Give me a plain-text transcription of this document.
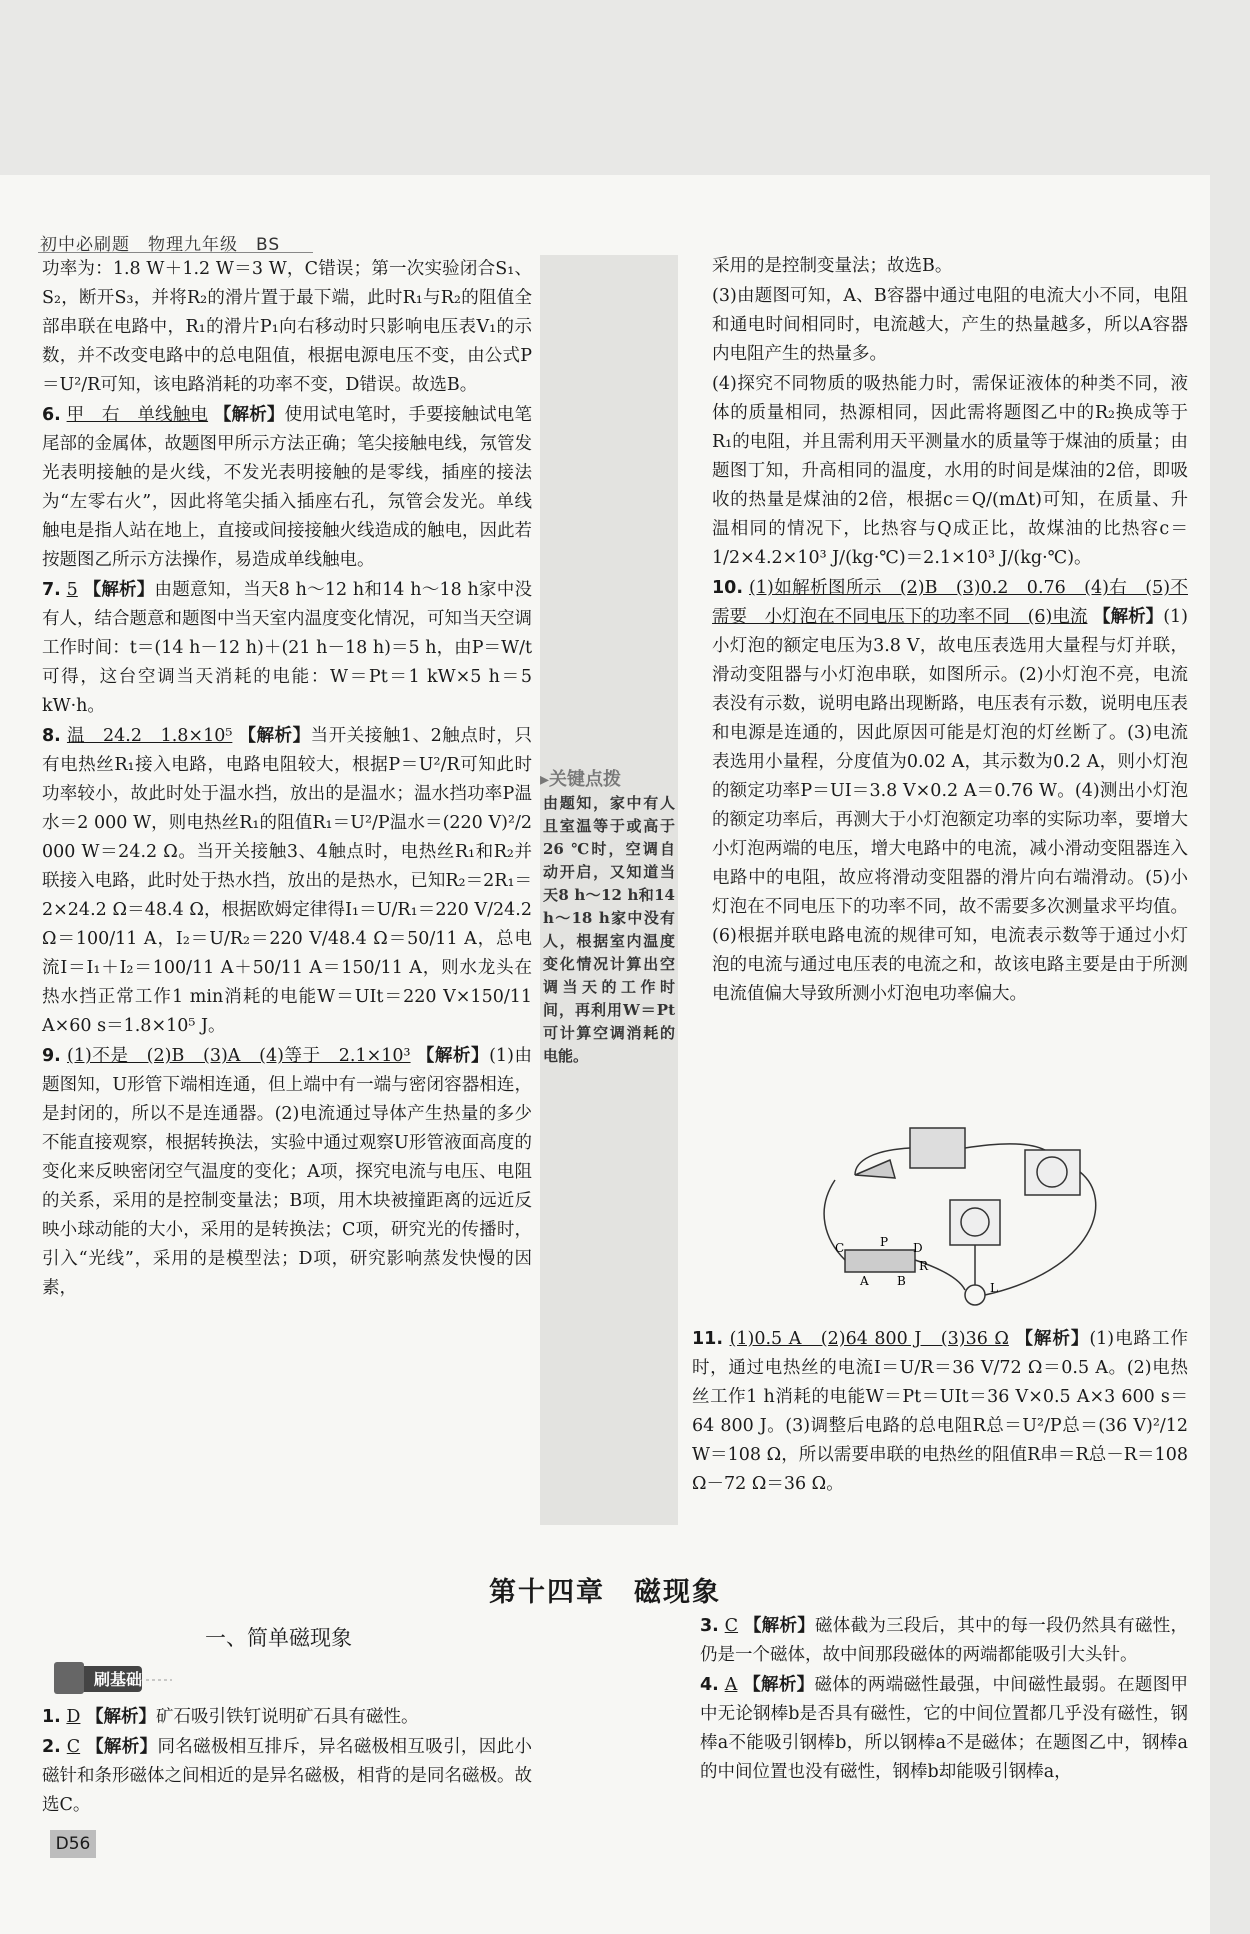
初中必刷题　物理九年级　BS

功率为：1.8 W＋1.2 W＝3 W，C错误；第一次实验闭合S₁、S₂，断开S₃，并将R₂的滑片置于最下端，此时R₁与R₂的阻值全部串联在电路中，R₁的滑片P₁向右移动时只影响电压表V₁的示数，并不改变电路中的总电阻值，根据电源电压不变，由公式P＝U²/R可知，该电路消耗的功率不变，D错误。故选B。

6. 甲　右　单线触电 【解析】使用试电笔时，手要接触试电笔尾部的金属体，故题图甲所示方法正确；笔尖接触电线，氖管发光表明接触的是火线，不发光表明接触的是零线，插座的接法为“左零右火”，因此将笔尖插入插座右孔，氖管会发光。单线触电是指人站在地上，直接或间接接触火线造成的触电，因此若按题图乙所示方法操作，易造成单线触电。

7. 5 【解析】由题意知，当天8 h～12 h和14 h～18 h家中没有人，结合题意和题图中当天室内温度变化情况，可知当天空调工作时间：t＝(14 h－12 h)＋(21 h－18 h)＝5 h，由P＝W/t可得，这台空调当天消耗的电能：W＝Pt＝1 kW×5 h＝5 kW·h。

8. 温　24.2　1.8×10⁵ 【解析】当开关接触1、2触点时，只有电热丝R₁接入电路，电路电阻较大，根据P＝U²/R可知此时功率较小，故此时处于温水挡，放出的是温水；温水挡功率P温水＝2 000 W，则电热丝R₁的阻值R₁＝U²/P温水＝(220 V)²/2 000 W＝24.2 Ω。当开关接触3、4触点时，电热丝R₁和R₂并联接入电路，此时处于热水挡，放出的是热水，已知R₂＝2R₁＝2×24.2 Ω＝48.4 Ω，根据欧姆定律得I₁＝U/R₁＝220 V/24.2 Ω＝100/11 A，I₂＝U/R₂＝220 V/48.4 Ω＝50/11 A，总电流I＝I₁＋I₂＝100/11 A＋50/11 A＝150/11 A，则水龙头在热水挡正常工作1 min消耗的电能W＝UIt＝220 V×150/11 A×60 s＝1.8×10⁵ J。

9. (1)不是　(2)B　(3)A　(4)等于　2.1×10³ 【解析】(1)由题图知，U形管下端相连通，但上端中有一端与密闭容器相连，是封闭的，所以不是连通器。(2)电流通过导体产生热量的多少不能直接观察，根据转换法，实验中通过观察U形管液面高度的变化来反映密闭空气温度的变化；A项，探究电流与电压、电阻的关系，采用的是控制变量法；B项，用木块被撞距离的远近反映小球动能的大小，采用的是转换法；C项，研究光的传播时，引入“光线”，采用的是模型法；D项，研究影响蒸发快慢的因素，

▸关键点拨
由题知，家中有人且室温等于或高于26 ℃时，空调自动开启，又知道当天8 h～12 h和14 h～18 h家中没有人，根据室内温度变化情况计算出空调当天的工作时间，再利用W＝Pt可计算空调消耗的电能。

采用的是控制变量法；故选B。

(3)由题图可知，A、B容器中通过电阻的电流大小不同，电阻和通电时间相同时，电流越大，产生的热量越多，所以A容器内电阻产生的热量多。

(4)探究不同物质的吸热能力时，需保证液体的种类不同，液体的质量相同，热源相同，因此需将题图乙中的R₂换成等于R₁的电阻，并且需利用天平测量水的质量等于煤油的质量；由题图丁知，升高相同的温度，水用的时间是煤油的2倍，即吸收的热量是煤油的2倍，根据c＝Q/(mΔt)可知，在质量、升温相同的情况下，比热容与Q成正比，故煤油的比热容c＝1/2×4.2×10³ J/(kg·℃)＝2.1×10³ J/(kg·℃)。

10. (1)如解析图所示　(2)B　(3)0.2　0.76　(4)右　(5)不需要　小灯泡在不同电压下的功率不同　(6)电流 【解析】(1)小灯泡的额定电压为3.8 V，故电压表选用大量程与灯并联，滑动变阻器与小灯泡串联，如图所示。(2)小灯泡不亮，电流表没有示数，说明电路出现断路，电压表有示数，说明电压表和电源是连通的，因此原因可能是灯泡的灯丝断了。(3)电流表选用小量程，分度值为0.02 A，其示数为0.2 A，则小灯泡的额定功率P＝UI＝3.8 V×0.2 A＝0.76 W。(4)测出小灯泡的额定功率后，再测大于小灯泡额定功率的实际功率，要增大小灯泡两端的电压，增大电路中的电流，减小滑动变阻器连入电路中的电阻，故应将滑动变阻器的滑片向右端滑动。(5)小灯泡在不同电压下的功率不同，故不需要多次测量求平均值。(6)根据并联电路电流的规律可知，电流表示数等于通过小灯泡的电流与通过电压表的电流之和，故该电路主要是由于所测电流值偏大导致所测小灯泡电功率偏大。

C	P D
A B
R
L

11. (1)0.5 A　(2)64 800 J　(3)36 Ω 【解析】(1)电路工作时，通过电热丝的电流I＝U/R＝36 V/72 Ω＝0.5 A。(2)电热丝工作1 h消耗的电能W＝Pt＝UIt＝36 V×0.5 A×3 600 s＝64 800 J。(3)调整后电路的总电阻R总＝U²/P总＝(36 V)²/12 W＝108 Ω，所以需要串联的电热丝的阻值R串＝R总－R＝108 Ω－72 Ω＝36 Ω。

第十四章　磁现象
一、简单磁现象
刷基础

1. D 【解析】矿石吸引铁钉说明矿石具有磁性。

2. C 【解析】同名磁极相互排斥，异名磁极相互吸引，因此小磁针和条形磁体之间相近的是异名磁极，相背的是同名磁极。故选C。

3. C 【解析】磁体截为三段后，其中的每一段仍然具有磁性，仍是一个磁体，故中间那段磁体的两端都能吸引大头针。

4. A 【解析】磁体的两端磁性最强，中间磁性最弱。在题图甲中无论钢棒b是否具有磁性，它的中间位置都几乎没有磁性，钢棒a不能吸引钢棒b，所以钢棒a不是磁体；在题图乙中，钢棒a的中间位置也没有磁性，钢棒b却能吸引钢棒a，

D56
